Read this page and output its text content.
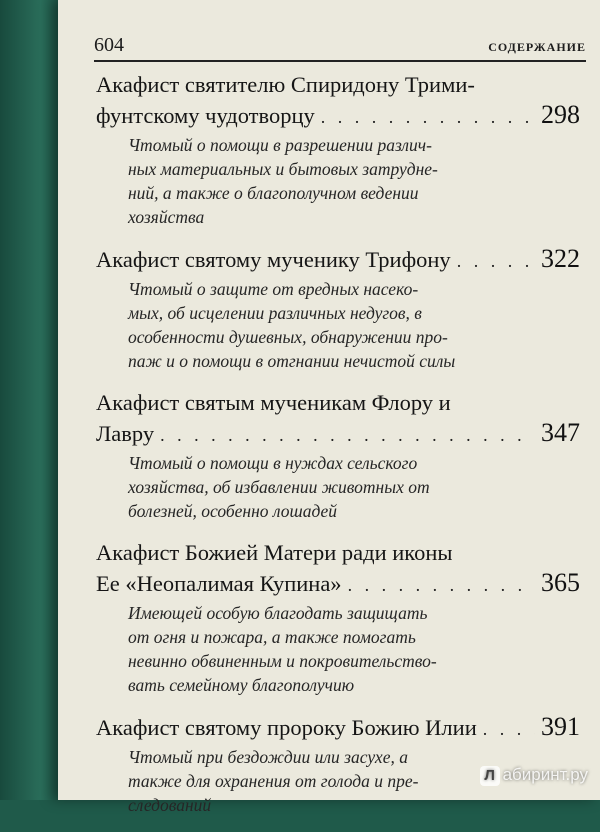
604	СОДЕРЖАНИЕ
Акафист святителю Спиридону Трими-
фунтскому чудотворцу . . .	298
Чтомый о помощи в разрешении различ-
ных материальных и бытовых затрудне-
ний, а также о благополучном ведении
хозяйства
Акафист святому мученику Трифону . . .	322
Чтомый о защите от вредных насеко-
мых, об исцелении различных недугов, в
особенности душевных, обнаружении про-
паж и о помощи в отгнании нечистой силы
Акафист святым мученикам Флору и
Лавру . . .	347
Чтомый о помощи в нуждах сельского
хозяйства, об избавлении животных от
болезней, особенно лошадей
Акафист Божией Матери ради иконы
Ее «Неопалимая Купина» . . .	365
Имеющей особую благодать защищать
от огня и пожара, а также помогать
невинно обвиненным и покровительство-
вать семейному благополучию
Акафист святому пророку Божию Илии . . . 391
Чтомый при бездождии или засухе, а
также для охранения от голода и пре-
следований
Л абиринт.ру
